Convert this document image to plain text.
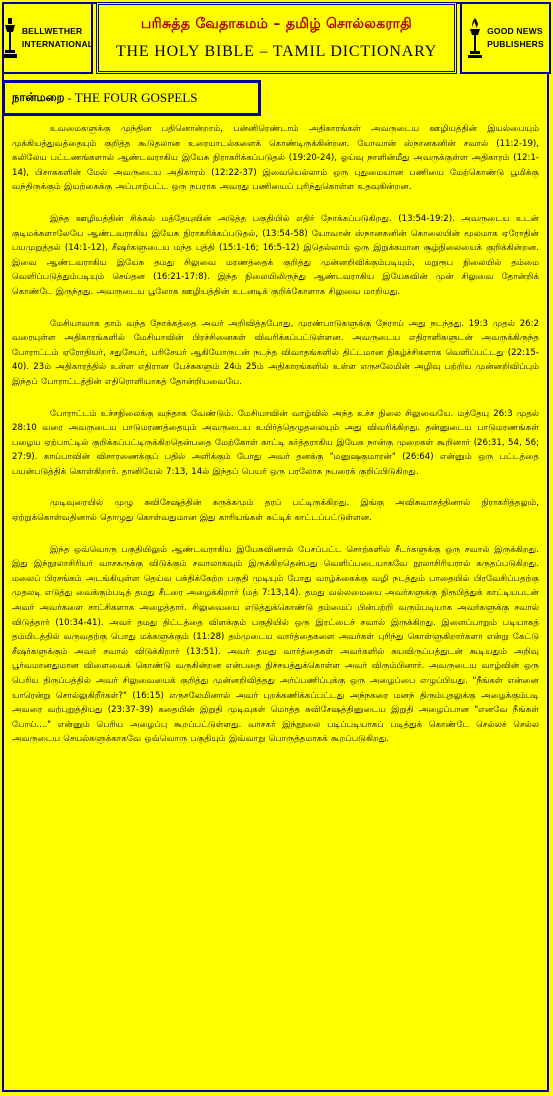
BELLWETHER
INTERNATIONAL
பரிசுத்த வேதாகமம் – தமிழ் சொல்லகராதி
THE HOLY BIBLE – TAMIL DICTIONARY
GOOD NEWS
PUBLISHERS
நான்மறை - THE FOUR GOSPELS

உவமைகளுக்கு முந்தின பதினொன்றாம், பன்னிரெண்டாம் அதிகாரங்கள் அவருடைய ஊழியத்தின் இயல்பையும் முக்கியத்துவத்தையும் குறித்த கூடுதலான உரையாடல்களைக் கொண்டிருக்கின்றன. யோவான் ஸ்நானகனின் சவால் (11:2-19), கலிலேய பட்டணங்களால் ஆண்டவராகிய இயேசு நிராகரிக்கப்படுதல் (19:20-24), ஓய்வு நாளின்மீது அவருக்குள்ள அதிகாரம் (12:1-14), பிசாசுகளின் மேல் அவருடைய அதிகாரம் (12:22-37) இவையெல்லாம் ஒரு புதுமையான பணியை மேற்கொண்டு பூமிக்கு வந்திருக்கும் இயற்கைக்கு அப்பாற்பட்ட ஒரு நபராக அவரது பணியைப் புரிந்துகொள்ள உதவுகின்றன.

இந்த ஊழியத்தின் சிக்கல் மத்தேயுவின் அடுத்த பகுதியில் எதிர் நோக்கப்படுகிறது. (13:54-19:2). அவருடைய உடன் குடிமக்களாலேயே ஆண்டவராகிய இயேசு நிராகரிக்கப்படுதல், (13:54-58) யோவான் ஸ்நானகனின் கொலையின் மூலமாக ஏரோதின் பயமுறுத்தல் (14:1-12), சீஷர்களுடைய மந்த புத்தி (15:1-16; 16:5-12) இதெல்லாம் ஒரு இறுக்கமான சூழ்நிலையைக் குறிக்கின்றன. இவை ஆண்டவராகிய இயேசு தமது சிலுவை மரணத்தைக் குறித்து முன்னறிவிக்கும்படியும், மறுரூப நிலையில் தம்மை வெளிப்படுத்தும்படியும் செய்தன (16:21-17:8). இந்த நிலையிலிருந்து ஆண்டவராகிய இயேசுவின் முன் சிலுவை தோன்றிக் கொண்டே இருந்தது. அவருடைய பூலோக ஊழியத்தின் உடனடிக் குறிக்கோளாக சிலுவை மாறியது.

மேசியாவாக தாம் வந்த நோக்கத்தை அவர் அறிவித்தபோது, முரண்பாடுகளுக்கு நேராய் அது நடந்தது. 19:3 முதல் 26:2 வரையுள்ள அதிகாரங்களில் மேசியாவின் பிரச்சினைகள் விவரிக்கப்பட்டுள்ளன. அவருடைய எதிராளிகளுடன் அவருக்கிருந்த போராட்டம் ஏரோதியர், சதுசேயர், பரிசேயர் ஆகியோருடன் நடந்த விவாதங்களில் திட்டமான நிகழ்ச்சிகளாக வெளிப்பட்டது (22:15-40). 23ம் அதிகாரத்தில் உள்ள எதிரான பேச்சுகளும் 24ம் 25ம் அதிகாரங்களில் உள்ள எருசலேமின் அழிவு பற்றிய முன்னறிவிப்பும் இந்தப் போராட்டத்தின் எதிரொளியாகத் தோன்றியவையே.

போராட்டம் உச்சநிலைக்கு வந்தாக வேண்டும். மேசியாவின் வாழ்வில் அந்த உச்ச நிலை சிலுவையே. மத்தேயு 26:3 முதல் 28:10 வரை அவருடைய பாடுமரணத்தையும் அவருடைய உயிர்த்தெழுதலையும் அது விவரிக்கிறது. தன்னுடைய பாடுமரணங்கள் பழைய ஏற்பாட்டில் குறிக்கப்பட்டிருக்கிறதென்பதை மேற்கோள் காட்டி கர்த்தராகிய இயேசு நான்கு முறைகள் கூறினார் (26:31, 54, 56; 27:9). காய்பாவின் விசாரணைக்குப் பதில் அளிக்கும் போது அவர் தனக்கு "மனுஷகுமாரன்" (26:64) என்னும் ஒரு பட்டத்தை பயன்படுத்திக் கொள்கிறார். தானியேல் 7:13, 14ல் இந்தப் பெயர் ஒரு பரலோக நபரைக் குறிப்பிடுகிறது.

முடிவுரையில் முழு சுவிசேஷத்தின் சுருக்கமும் தரப் பட்டிருக்கிறது. இங்கு அவிசுவாசத்தினால் நிராகரித்தலும், ஏற்றுக்கொள்வதினால் தொழுது கொள்வதுமான இது காரியங்கள் சுட்டிக் காட்டப்பட்டுள்ளன.

இந்த ஒவ்வொரு பகுதியிலும் ஆண்டவராகிய இயேசுவினால் பேசப்பட்ட சொற்களில் சீடர்களுக்கு ஒரு சவால் இருக்கிறது. இது இந்நூலாசிரியர் வாசகருக்கு விடுக்கும் சவாலாகவும் இருக்கிறதென்பது வெளிப்படையாகவே நூலாசிரியரால் கருதப்படுகிறது. மலைப் பிரசங்கம் அடங்கியுள்ள தெய்வ பக்திக்கேற்ற பகுதி முடியும் போது வாழ்க்கைக்கு வழி நடத்தும் பாதையில் பிரவேசிப்பதற்கு முதலடி எடுத்து வைக்கும்படித் தமது சீடரை அழைக்கிறார் (மத் 7:13,14). தமது வல்லமையை அவர்களுக்கு நிரூபித்துக் காட்டியபடன் அவர் அவர்களை சாட்சிகளாக அழைத்தார். சிலுவையை எடுத்துக்கொண்டு தம்மைப் பின்பற்றி வரும்படியாக அவர்களுக்கு சவால் விடுத்தார் (10:34-41). அவர் தமது திட்டத்தை விளக்கும் பகுதியில் ஒரு இரட்டைச் சவால் இருக்கிறது. இளைப்பாறும் படியாகத் தம்மிடத்தில் வருவதற்கு பொது மக்களுக்கும் (11:28) தம்முடைய வார்த்தைகளை அவர்கள் புரிந்து கொள்ளுகிறார்களா என்று கேட்டு சீஷர்களுக்கும் அவர் சவால் விடுக்கிறார் (13:51). அவர் தமது வார்த்தைகள் அவர்களில் சுயவிருப்பத்துடன் கூடியதும் அறிவு பூர்வமானதுமான விளைவைக் கொண்டு வருகின்றன என்பதை நிச்சயத்துக்கொள்ள அவர் விரும்பினார். அவருடைய வாழ்வின் ஒரு பெரிய திருப்பத்தில் அவர் சிலுவையைக் குறித்து முன்னறிவித்தது அர்ப்பணிப்புக்கு ஒரு அழைப்பை எழுப்பியது. "நீங்கள் என்னை யாரென்று சொல்லுகிறீர்கள்?" (16:15) எருசலேமினால் அவர் புறக்கணிக்கப்பட்டது அந்நகரை மனந் திரும்புதலுக்கு அழைக்கும்படி அவரை வற்புறுத்தியது (23:37-39) கதையின் இறுதி முடிவுகள் மொத்த சுவிசேஷத்தினுடைய இறுதி அழைப்பான "எனவே நீங்கள் போய்...." என்னும் பெரிய அழைப்பு கூறப்பட்டுள்ளது. வாசகர் இந்நூலை படிப்படியாகப் படித்துக் கொண்டே செல்லச் செல்ல அவருடைய செயல்களுக்காகவே ஒவ்வொரு பகுதியும் இவ்வாறு பொருத்தமாகக் கூறப்படுகிறது.
